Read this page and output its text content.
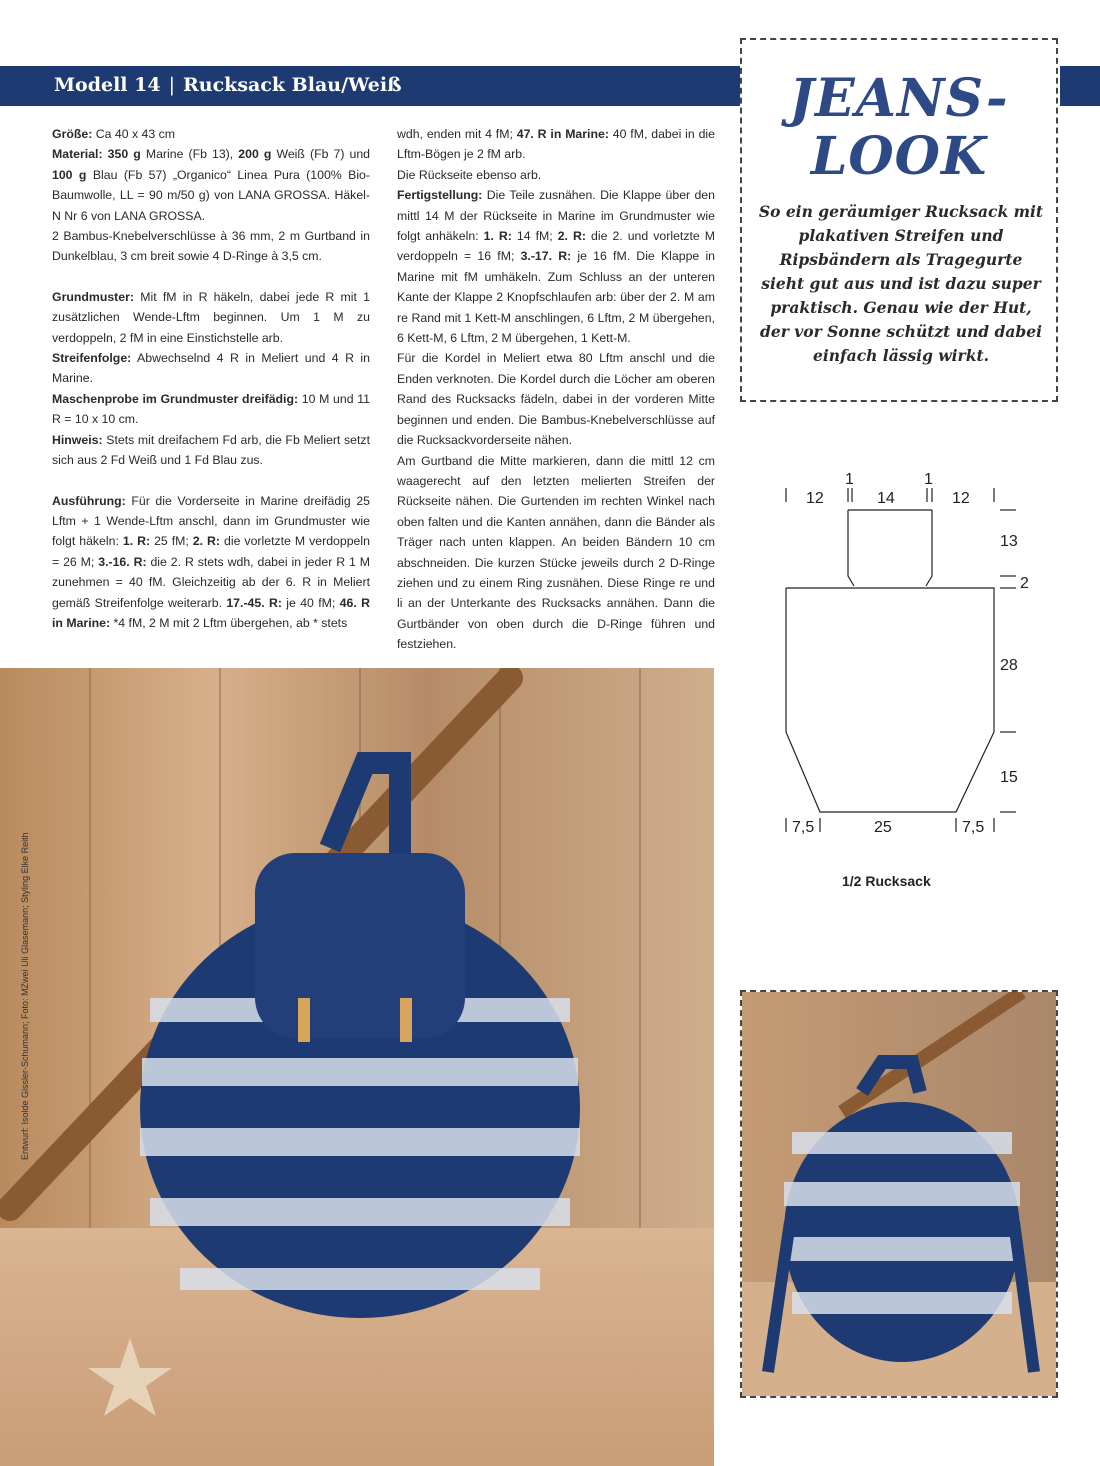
Modell 14 | Rucksack Blau/Weiß

Größe: Ca 40 x 43 cm

Material: 350 g Marine (Fb 13), 200 g Weiß (Fb 7) und 100 g Blau (Fb 57) „Organico“ Linea Pura (100% Bio-Baumwolle, LL = 90 m/50 g) von LANA GROSSA. Häkel-N Nr 6 von LANA GROSSA.

2 Bambus-Knebelverschlüsse à 36 mm, 2 m Gurtband in Dunkelblau, 3 cm breit sowie 4 D-Ringe à 3,5 cm.

Grundmuster: Mit fM in R häkeln, dabei jede R mit 1 zusätzlichen Wende-Lftm beginnen. Um 1 M zu verdoppeln, 2 fM in eine Einstichstelle arb.

Streifenfolge: Abwechselnd 4 R in Meliert und 4 R in Marine.

Maschenprobe im Grundmuster dreifädig: 10 M und 11 R = 10 x 10 cm.

Hinweis: Stets mit dreifachem Fd arb, die Fb Meliert setzt sich aus 2 Fd Weiß und 1 Fd Blau zus.

Ausführung: Für die Vorderseite in Marine dreifädig 25 Lftm + 1 Wende-Lftm anschl, dann im Grundmuster wie folgt häkeln: 1. R: 25 fM; 2. R: die vorletzte M verdoppeln = 26 M; 3.-16. R: die 2. R stets wdh, dabei in jeder R 1 M zunehmen = 40 fM. Gleichzeitig ab der 6. R in Meliert gemäß Streifenfolge weiterarb. 17.-45. R: je 40 fM; 46. R in Marine: *4 fM, 2 M mit 2 Lftm übergehen, ab * stets

wdh, enden mit 4 fM; 47. R in Marine: 40 fM, dabei in die Lftm-Bögen je 2 fM arb.

Die Rückseite ebenso arb.

Fertigstellung: Die Teile zusnähen. Die Klappe über den mittl 14 M der Rückseite in Marine im Grundmuster wie folgt anhäkeln: 1. R: 14 fM; 2. R: die 2. und vorletzte M verdoppeln = 16 fM; 3.-17. R: je 16 fM. Die Klappe in Marine mit fM umhäkeln. Zum Schluss an der unteren Kante der Klappe 2 Knopfschlaufen arb: über der 2. M am re Rand mit 1 Kett-M anschlingen, 6 Lftm, 2 M übergehen, 6 Kett-M, 6 Lftm, 2 M übergehen, 1 Kett-M.

Für die Kordel in Meliert etwa 80 Lftm anschl und die Enden verknoten. Die Kordel durch die Löcher am oberen Rand des Rucksacks fädeln, dabei in der vorderen Mitte beginnen und enden. Die Bambus-Knebelverschlüsse auf die Rucksackvorderseite nähen.

Am Gurtband die Mitte markieren, dann die mittl 12 cm waagerecht auf den letzten melierten Streifen der Rückseite nähen. Die Gurtenden im rechten Winkel nach oben falten und die Kanten annähen, dann die Bänder als Träger nach unten klappen. An beiden Bändern 10 cm abschneiden. Die kurzen Stücke jeweils durch 2 D-Ringe ziehen und zu einem Ring zusnähen. Diese Ringe re und li an der Unterkante des Rucksacks annähen. Dann die Gurtbänder von oben durch die D-Ringe führen und festziehen.

JEANS-
LOOK
So ein geräumiger Rucksack mit plakativen Streifen und Ripsbändern als Tragegurte sieht gut aus und ist dazu super praktisch. Genau wie der Hut, der vor Sonne schützt und dabei einfach lässig wirkt.
12
1
14
1
12
13
2
28
15
7,5	25	7,5
1/2 Rucksack
Entwurf: Isolde Gissler-Schumann; Foto: MZwei Uli Glasemann; Styling Elke Reith
